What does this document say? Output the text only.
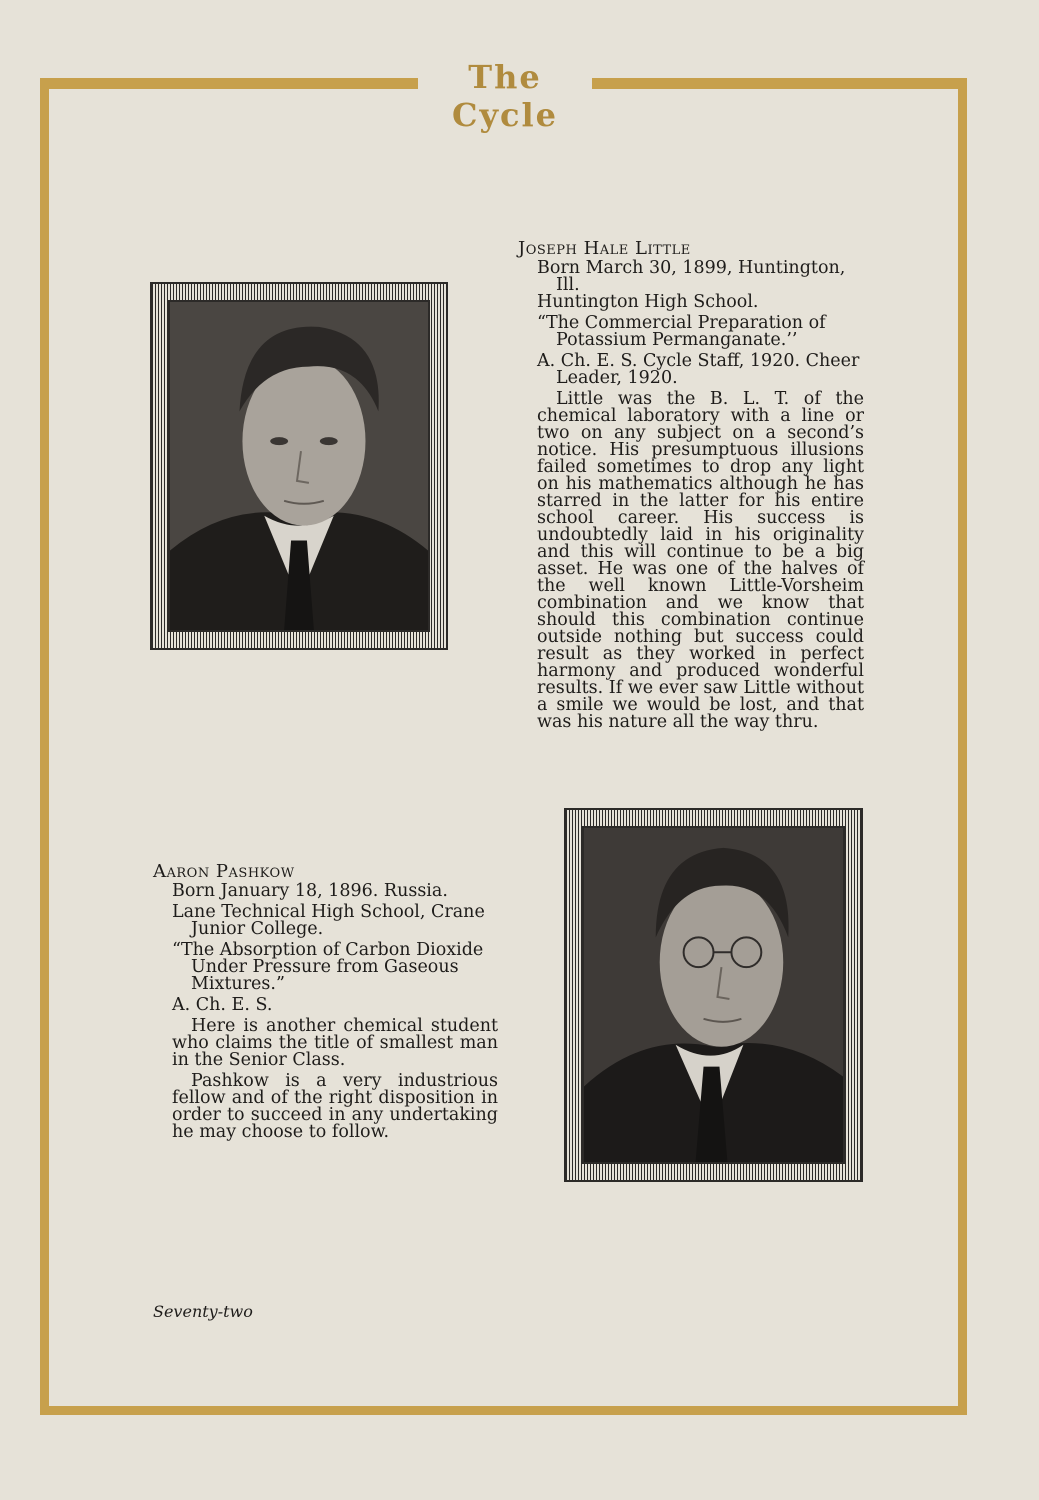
The Cycle
Joseph Hale Little

Born March 30, 1899, Huntington, Ill.

Huntington High School.

“The Commercial Preparation of Potassium Permanganate.’’

A. Ch. E. S. Cycle Staff, 1920. Cheer Leader, 1920.

Little was the B. L. T. of the chemical laboratory with a line or two on any subject on a second’s notice. His presumptuous illusions failed sometimes to drop any light on his mathematics although he has starred in the latter for his entire school career. His success is undoubtedly laid in his originality and this will continue to be a big asset. He was one of the halves of the well known Little-Vorsheim combination and we know that should this combination continue outside nothing but success could result as they worked in perfect harmony and produced wonderful results. If we ever saw Little without a smile we would be lost, and that was his nature all the way thru.

Aaron Pashkow

Born January 18, 1896. Russia.

Lane Technical High School, Crane Junior College.

“The Absorption of Carbon Dioxide Under Pressure from Gaseous Mixtures.”

A. Ch. E. S.

Here is another chemical student who claims the title of smallest man in the Senior Class.

Pashkow is a very industrious fellow and of the right disposition in order to succeed in any undertaking he may choose to follow.

Seventy-two
